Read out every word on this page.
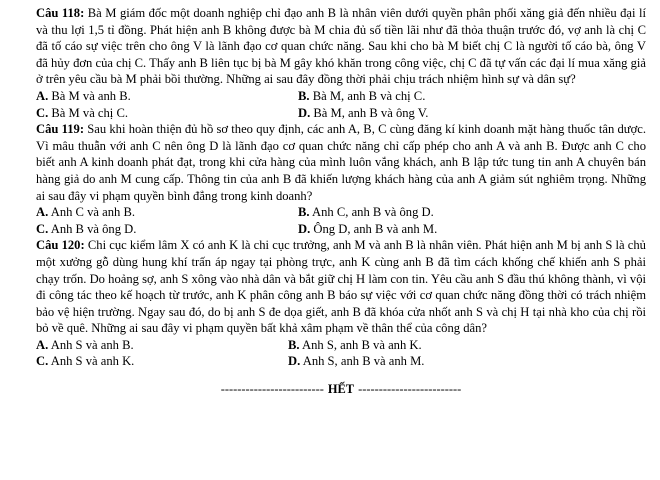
Câu 118: Bà M giám đốc một doanh nghiệp chỉ đạo anh B là nhân viên dưới quyền phân phối xăng giả đến nhiều đại lí và thu lợi 1,5 tỉ đồng. Phát hiện anh B không được bà M chia đủ số tiền lãi như đã thỏa thuận trước đó, vợ anh là chị C đã tố cáo sự việc trên cho ông V là lãnh đạo cơ quan chức năng. Sau khi cho bà M biết chị C là người tố cáo bà, ông V đã hủy đơn của chị C. Thấy anh B liên tục bị bà M gây khó khăn trong công việc, chị C đã tự vấn các đại lí mua xăng giả ở trên yêu cầu bà M phải bồi thường. Những ai sau đây đồng thời phải chịu trách nhiệm hình sự và dân sự?

A. Bà M và anh B.	B. Bà M, anh B và chị C.

C. Bà M và chị C.	D. Bà M, anh B và ông V.

Câu 119: Sau khi hoàn thiện đủ hồ sơ theo quy định, các anh A, B, C cùng đăng kí kinh doanh mặt hàng thuốc tân dược. Vì mâu thuẫn với anh C nên ông D là lãnh đạo cơ quan chức năng chỉ cấp phép cho anh A và anh B. Được anh C cho biết anh A kinh doanh phát đạt, trong khi cửa hàng của mình luôn vắng khách, anh B lập tức tung tin anh A chuyên bán hàng giả do anh M cung cấp. Thông tin của anh B đã khiến lượng khách hàng của anh A giảm sút nghiêm trọng. Những ai sau đây vi phạm quyền bình đẳng trong kinh doanh?

A. Anh C và anh B.	B. Anh C, anh B và ông D.

C. Anh B và ông D.	D. Ông D, anh B và anh M.

Câu 120: Chi cục kiểm lâm X có anh K là chi cục trưởng, anh M và anh B là nhân viên. Phát hiện anh M bị anh S là chủ một xưởng gỗ dùng hung khí trấn áp ngay tại phòng trực, anh K cùng anh B đã tìm cách khống chế khiến anh S phải chạy trốn. Do hoảng sợ, anh S xông vào nhà dân và bắt giữ chị H làm con tin. Yêu cầu anh S đầu thú không thành, vì vội đi công tác theo kế hoạch từ trước, anh K phân công anh B báo sự việc với cơ quan chức năng đồng thời có trách nhiệm bảo vệ hiện trường. Ngay sau đó, do bị anh S đe dọa giết, anh B đã khóa cửa nhốt anh S và chị H tại nhà kho của chị rồi bỏ về quê. Những ai sau đây vi phạm quyền bất khả xâm phạm về thân thể của công dân?

A. Anh S và anh B.	B. Anh S, anh B và anh K.

C. Anh S và anh K.	D. Anh S, anh B và anh M.

------------------------- HẾT -------------------------
